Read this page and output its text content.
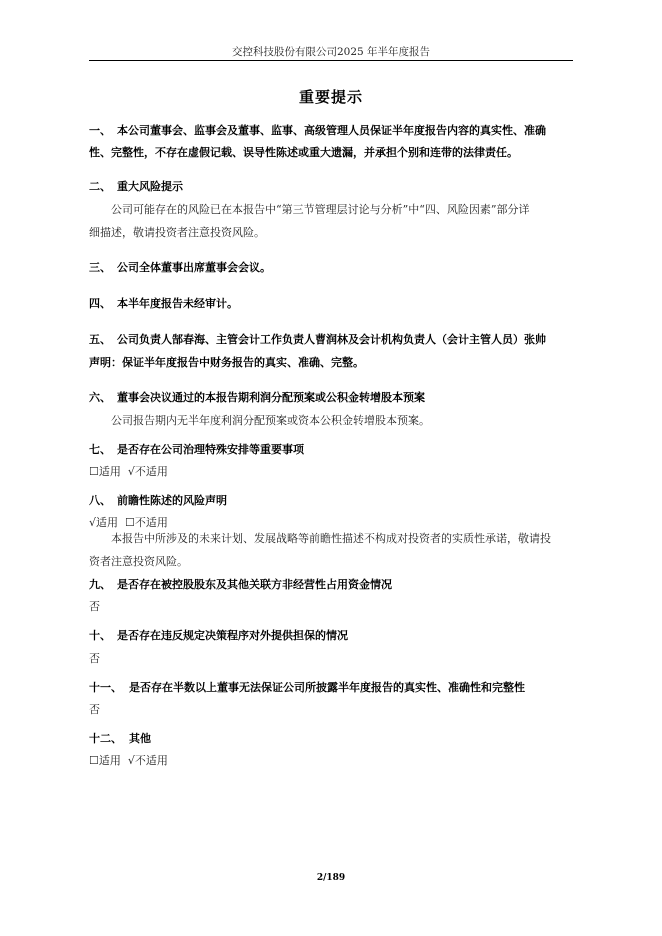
交控科技股份有限公司2025 年半年度报告
重要提示
一、 本公司董事会、监事会及董事、监事、高级管理人员保证半年度报告内容的真实性、准确
性、完整性，不存在虚假记载、误导性陈述或重大遗漏，并承担个别和连带的法律责任。
二、 重大风险提示
公司可能存在的风险已在本报告中“第三节管理层讨论与分析”中“四、风险因素”部分详
细描述，敬请投资者注意投资风险。
三、 公司全体董事出席董事会会议。
四、 本半年度报告未经审计。
五、 公司负责人郜春海、主管会计工作负责人曹润林及会计机构负责人（会计主管人员）张帅
声明：保证半年度报告中财务报告的真实、准确、完整。
六、 董事会决议通过的本报告期利润分配预案或公积金转增股本预案
公司报告期内无半年度利润分配预案或资本公积金转增股本预案。
七、 是否存在公司治理特殊安排等重要事项
☐适用  √不适用
八、 前瞻性陈述的风险声明
√适用  ☐不适用
本报告中所涉及的未来计划、发展战略等前瞻性描述不构成对投资者的实质性承诺，敬请投
资者注意投资风险。
九、 是否存在被控股股东及其他关联方非经营性占用资金情况
否
十、 是否存在违反规定决策程序对外提供担保的情况
否
十一、 是否存在半数以上董事无法保证公司所披露半年度报告的真实性、准确性和完整性
否
十二、 其他
☐适用  √不适用
2/189
